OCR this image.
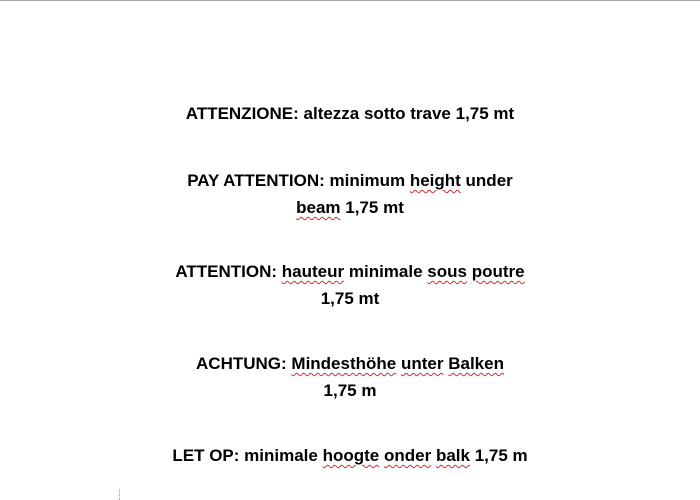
ATTENZIONE: altezza sotto trave 1,75 mt
PAY ATTENTION: minimum height under
beam 1,75 mt
ATTENTION: hauteur minimale sous poutre
1,75 mt
ACHTUNG: Mindesthöhe unter Balken
1,75 m
LET OP: minimale hoogte onder balk 1,75 m
